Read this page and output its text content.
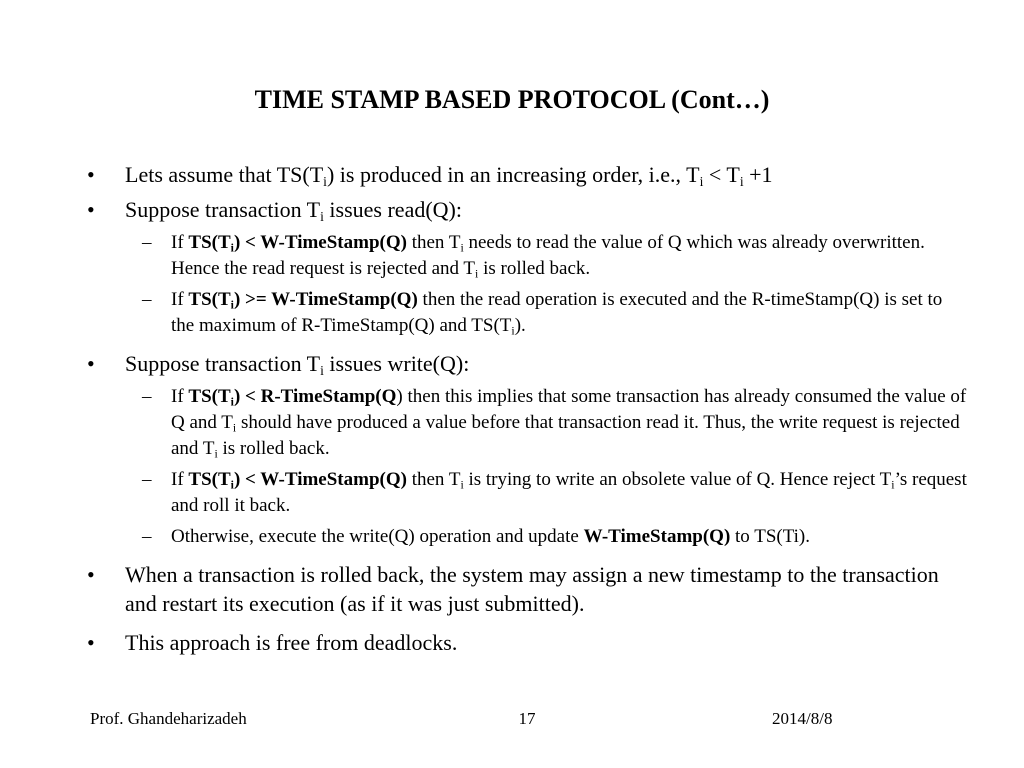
TIME STAMP BASED PROTOCOL (Cont…)
• Lets assume that $TS(T_i)$ is produced in an increasing order, i.e., $T_i < T_i +1$
• Suppose transaction $T_i$ issues read(Q):
– If $TS(T_i)$ < W-TimeStamp(Q) then $T_i$ needs to read the value of Q which was already overwritten. Hence the read request is rejected and $T_i$ is rolled back.
– If $TS(T_i)$ >= W-TimeStamp(Q) then the read operation is executed and the R-timeStamp(Q) is set to the maximum of R-TimeStamp(Q) and $TS(T_i)$.
• Suppose transaction $T_i$ issues write(Q):
– If $TS(T_i)$ < R-TimeStamp(Q) then this implies that some transaction has already consumed the value of Q and $T_i$ should have produced a value before that transaction read it. Thus, the write request is rejected and $T_i$ is rolled back.
– If $TS(T_i)$ < W-TimeStamp(Q) then $T_i$ is trying to write an obsolete value of Q. Hence reject $T_i’s$ request and roll it back.
– Otherwise, execute the write(Q) operation and update W-TimeStamp(Q) to TS(Ti).
• When a transaction is rolled back, the system may assign a new timestamp to the transaction and restart its execution (as if it was just submitted).
• This approach is free from deadlocks.
Prof. Ghandeharizadeh	17	2014/8/8
